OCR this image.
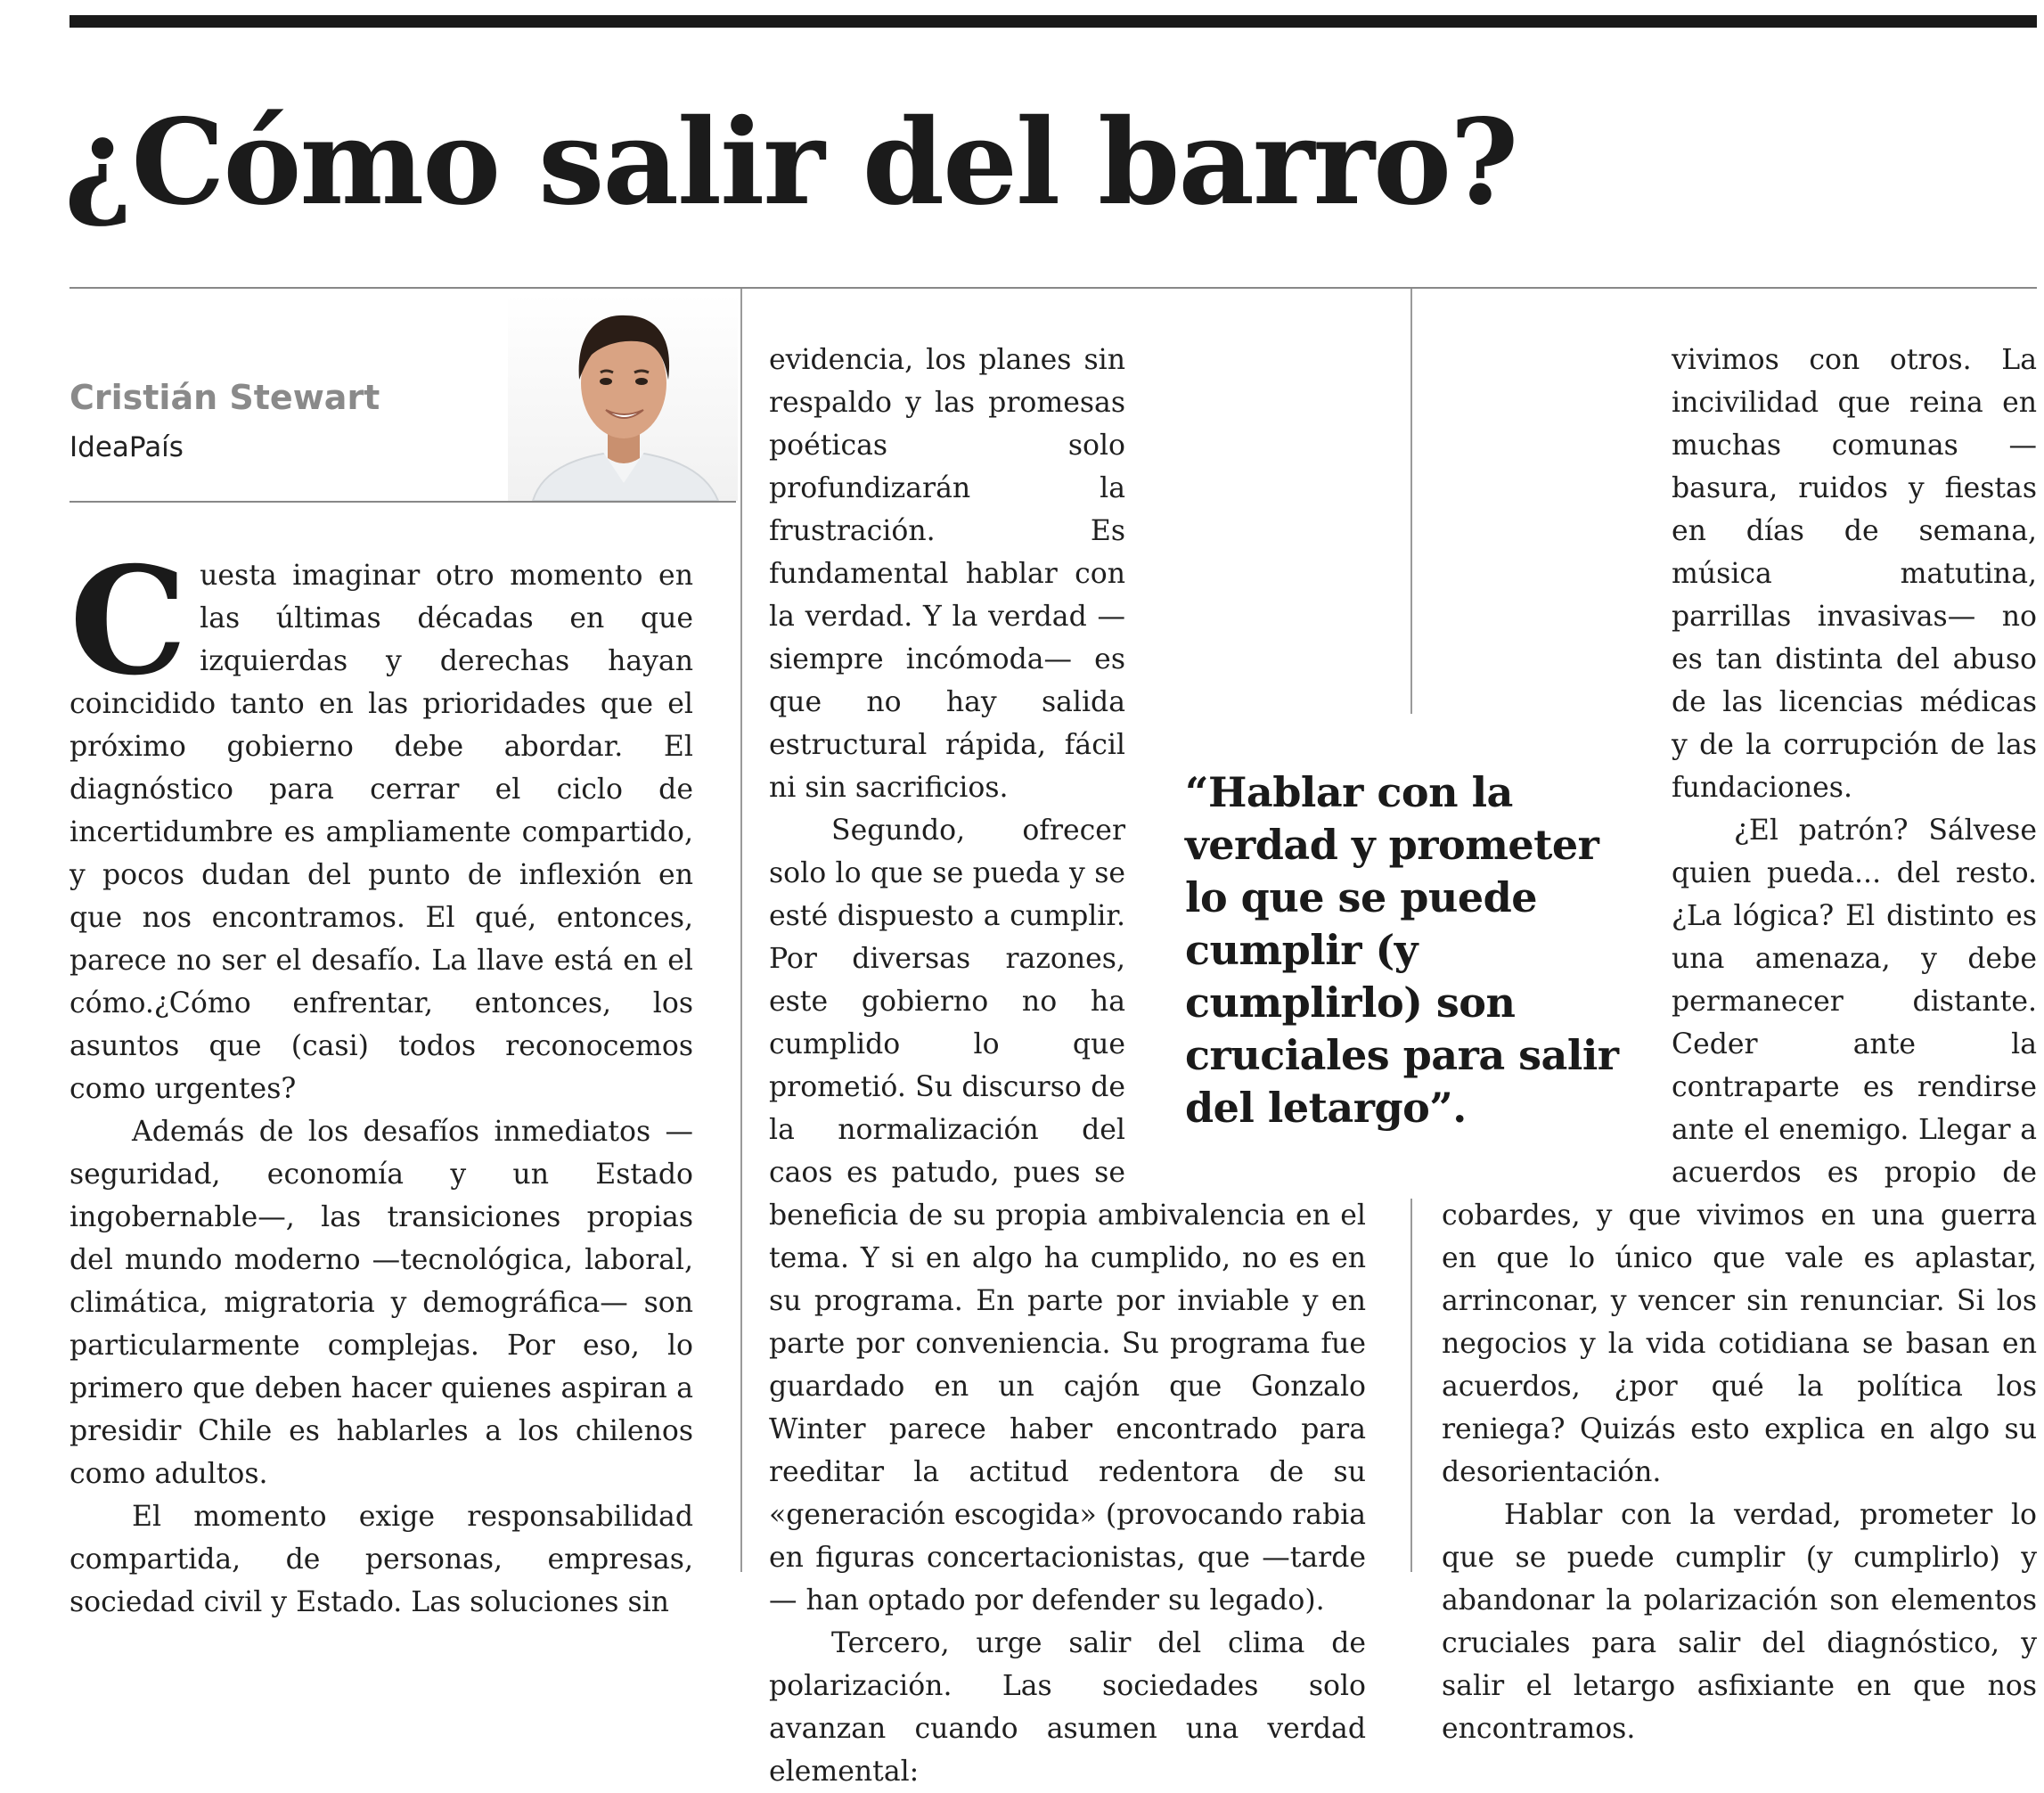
¿Cómo salir del barro?
Cristián Stewart
IdeaPaís

Cuesta imaginar otro momento en las últimas décadas en que izquierdas y derechas hayan coincidido tanto en las prioridades que el próximo gobierno debe abordar. El diagnóstico para cerrar el ciclo de incertidumbre es ampliamente compartido, y pocos dudan del punto de inflexión en que nos encontramos. El qué, entonces, parece no ser el desafío. La llave está en el cómo.¿Cómo enfrentar, entonces, los asuntos que (casi) todos reconocemos como urgentes?

Además de los desafíos inmediatos —seguridad, economía y un Estado ingobernable—, las transiciones propias del mundo moderno —tecnológica, laboral, climática, migratoria y demográfica— son particularmente complejas. Por eso, lo primero que deben hacer quienes aspiran a presidir Chile es hablarles a los chilenos como adultos.

El momento exige responsabilidad compartida, de personas, empresas, sociedad civil y Estado. Las soluciones sin

evidencia, los planes sin respaldo y las promesas poéticas solo profundizarán la frustración. Es fundamental hablar con la verdad. Y la verdad —siempre incómoda— es que no hay salida estructural rápida, fácil ni sin sacrificios.

Segundo, ofrecer solo lo que se pueda y se esté dispuesto a cumplir. Por diversas razones, este gobierno no ha cumplido lo que prometió. Su discurso de la normalización del caos es patudo, pues se beneficia de su propia ambivalencia en el tema. Y si en algo ha cumplido, no es en su programa. En parte por inviable y en parte por conveniencia. Su programa fue guardado en un cajón que Gonzalo Winter parece haber encontrado para reeditar la actitud redentora de su «generación escogida» (provocando rabia en figuras concertacionistas, que —tarde— han optado por defender su legado).

Tercero, urge salir del clima de polarización. Las sociedades solo avanzan cuando asumen una verdad elemental:

vivimos con otros. La incivilidad que reina en muchas comunas —basura, ruidos y fiestas en días de semana, música matutina, parrillas invasivas— no es tan distinta del abuso de las licencias médicas y de la corrupción de las fundaciones.

¿El patrón? Sálvese quien pueda... del resto. ¿La lógica? El distinto es una amenaza, y debe permanecer distante. Ceder ante la contraparte es rendirse ante el enemigo. Llegar a acuerdos es propio de cobardes, y que vivimos en una guerra en que lo único que vale es aplastar, arrinconar, y vencer sin renunciar. Si los negocios y la vida cotidiana se basan en acuerdos, ¿por qué la política los reniega? Quizás esto explica en algo su desorientación.

Hablar con la verdad, prometer lo que se puede cumplir (y cumplirlo) y abandonar la polarización son elementos cruciales para salir del diagnóstico, y salir el letargo asfixiante en que nos encontramos.

“Hablar con la verdad y prometer lo que se puede cumplir (y cumplirlo) son cruciales para salir del letargo”.
